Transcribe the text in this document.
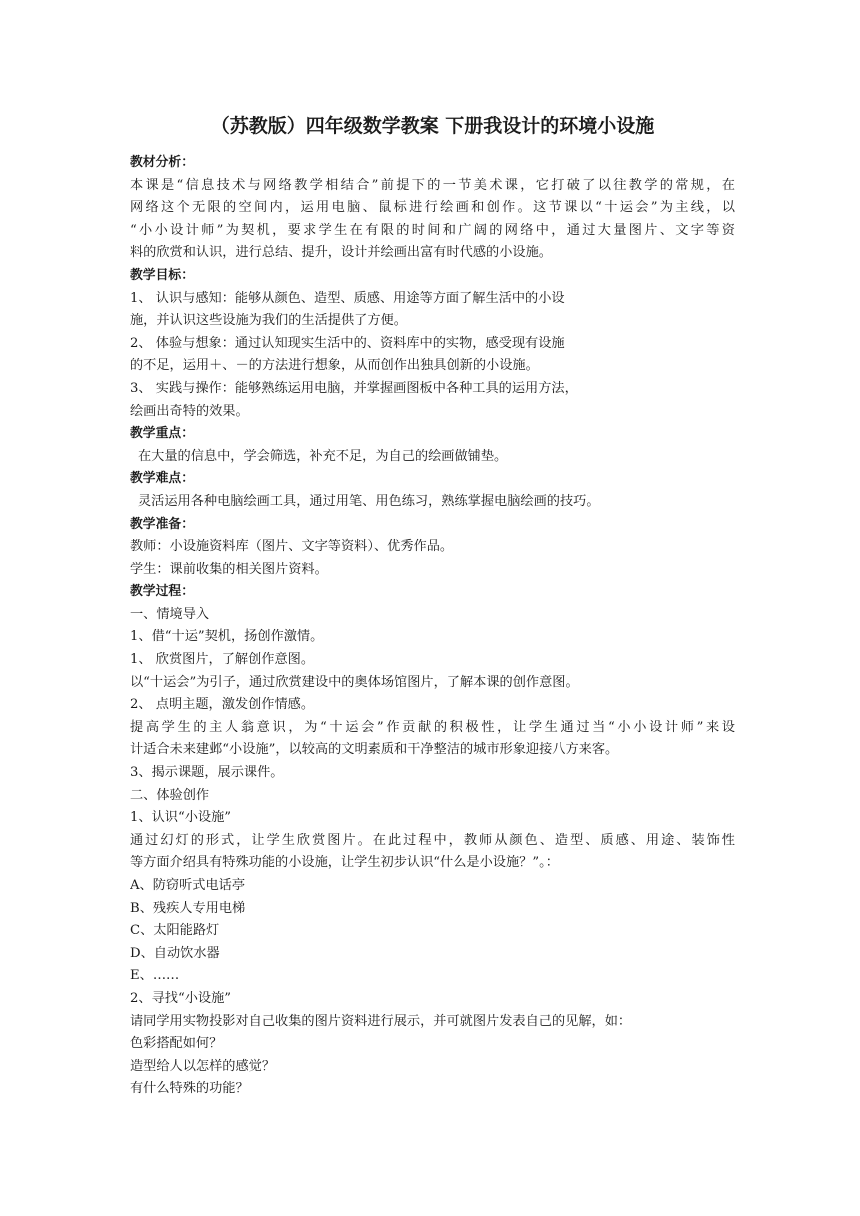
（苏教版）四年级数学教案 下册我设计的环境小设施
教材分析：
本课是“信息技术与网络教学相结合”前提下的一节美术课，它打破了以往教学的常规，在
网络这个无限的空间内，运用电脑、鼠标进行绘画和创作。这节课以“十运会”为主线，以
“小小设计师”为契机，要求学生在有限的时间和广阔的网络中，通过大量图片、文字等资
料的欣赏和认识，进行总结、提升，设计并绘画出富有时代感的小设施。
教学目标：
1、 认识与感知：能够从颜色、造型、质感、用途等方面了解生活中的小设
施，并认识这些设施为我们的生活提供了方便。
2、 体验与想象：通过认知现实生活中的、资料库中的实物，感受现有设施
的不足，运用＋、－的方法进行想象，从而创作出独具创新的小设施。
3、 实践与操作：能够熟练运用电脑，并掌握画图板中各种工具的运用方法，
绘画出奇特的效果。
教学重点：
在大量的信息中，学会筛选，补充不足，为自己的绘画做铺垫。
教学难点：
灵活运用各种电脑绘画工具，通过用笔、用色练习，熟练掌握电脑绘画的技巧。
教学准备：
教师：小设施资料库（图片、文字等资料）、优秀作品。
学生：课前收集的相关图片资料。
教学过程：
一、情境导入
1、借“十运”契机，扬创作激情。
1、 欣赏图片，了解创作意图。
以“十运会”为引子，通过欣赏建设中的奥体场馆图片，了解本课的创作意图。
2、 点明主题，激发创作情感。
提高学生的主人翁意识，为“十运会”作贡献的积极性，让学生通过当“小小设计师”来设
计适合未来建邺“小设施”，以较高的文明素质和干净整洁的城市形象迎接八方来客。
3、揭示课题，展示课件。
二、体验创作
1、认识“小设施”
通过幻灯的形式，让学生欣赏图片。在此过程中，教师从颜色、造型、质感、用途、装饰性
等方面介绍具有特殊功能的小设施，让学生初步认识“什么是小设施？”。：
A、防窃听式电话亭
B、残疾人专用电梯
C、太阳能路灯
D、自动饮水器
E、……
2、寻找“小设施”
请同学用实物投影对自己收集的图片资料进行展示，并可就图片发表自己的见解，如：
色彩搭配如何？
造型给人以怎样的感觉？
有什么特殊的功能？
